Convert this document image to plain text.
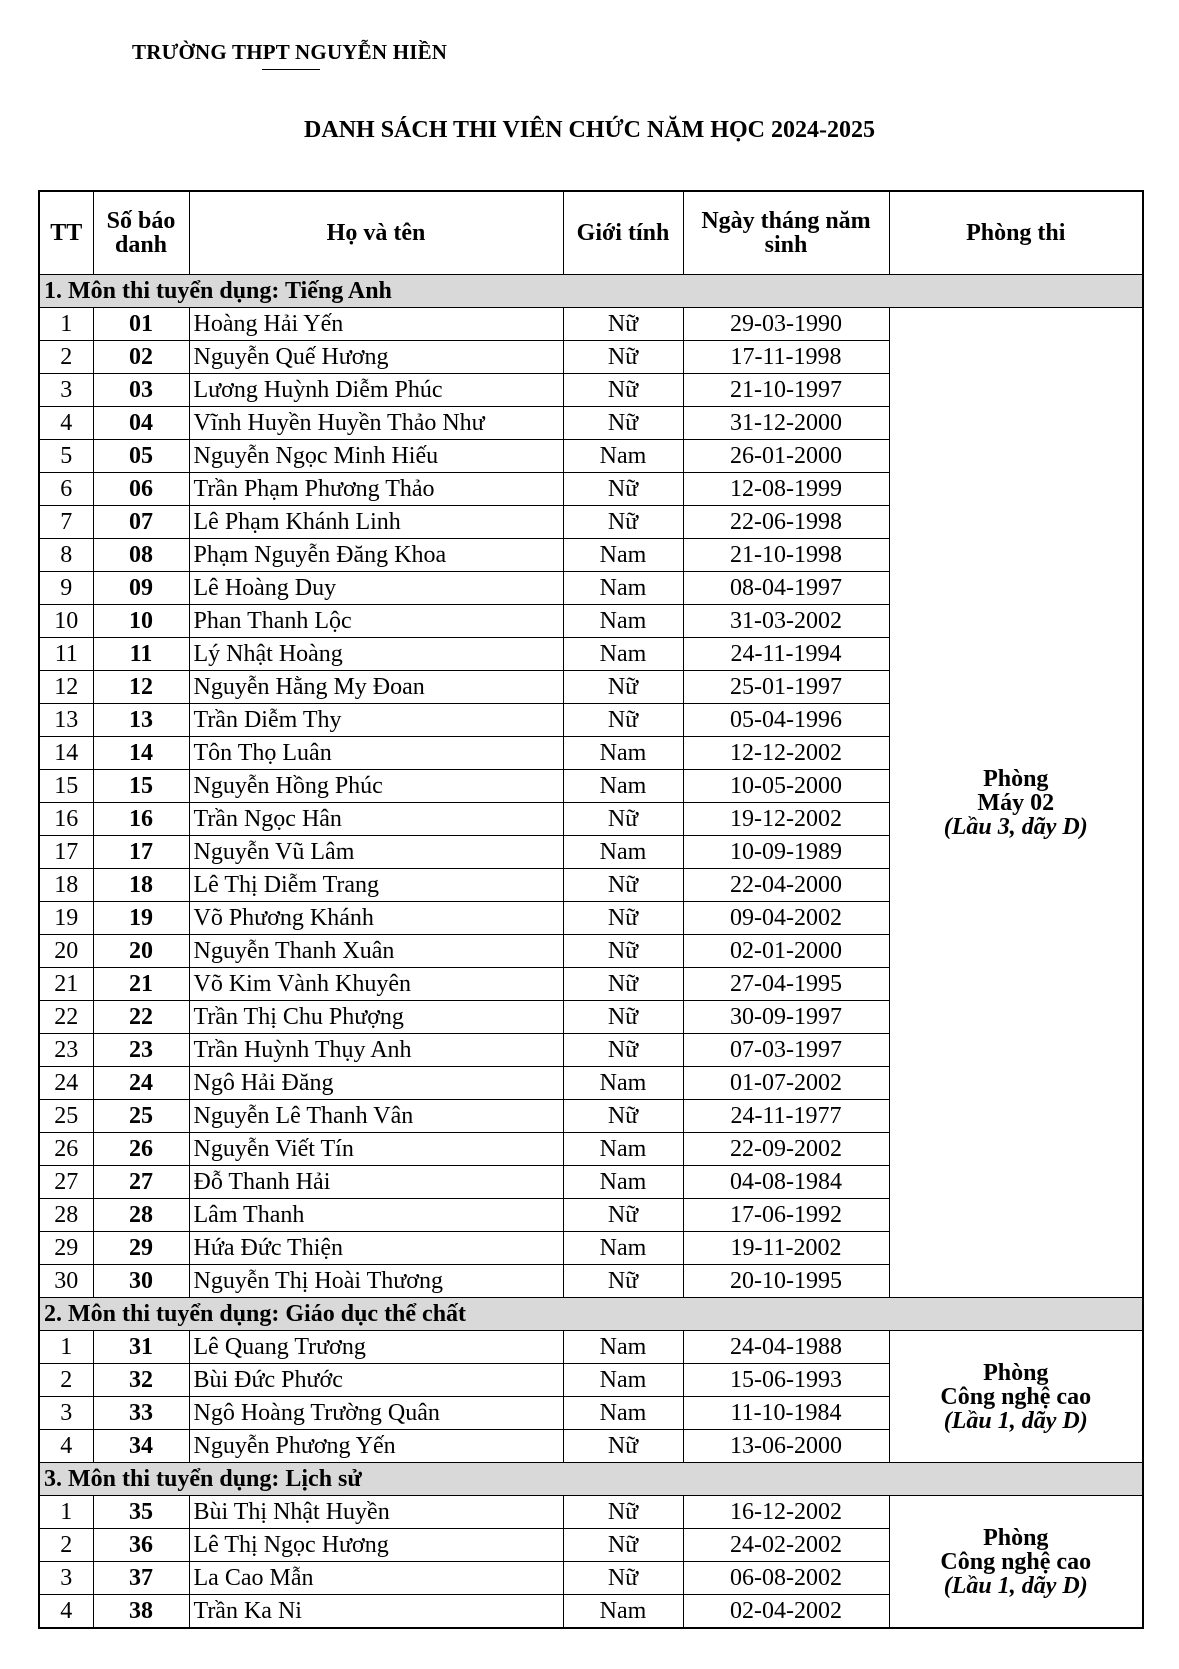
TRƯỜNG THPT NGUYỄN HIỀN
DANH SÁCH THI VIÊN CHỨC NĂM HỌC 2024-2025
TT	Số báo danh	Họ và tên	Giới tính	Ngày tháng năm sinh	Phòng thi
1. Môn thi tuyển dụng: Tiếng Anh					
1	01	Hoàng Hải Yến	Nữ	29-03-1990	Phòng
Máy 02
(Lầu 3, dãy D)

2	02	Nguyễn Quế Hương	Nữ	17-11-1998	
3	03	Lương Huỳnh Diễm Phúc	Nữ	21-10-1997	
4	04	Vĩnh Huyền Huyền Thảo Như	Nữ	31-12-2000	
5	05	Nguyễn Ngọc Minh Hiếu	Nam	26-01-2000	
6	06	Trần Phạm Phương Thảo	Nữ	12-08-1999	
7	07	Lê Phạm Khánh Linh	Nữ	22-06-1998	
8	08	Phạm Nguyễn Đăng Khoa	Nam	21-10-1998	
9	09	Lê Hoàng Duy	Nam	08-04-1997	
10	10	Phan Thanh Lộc	Nam	31-03-2002	
11	11	Lý Nhật Hoàng	Nam	24-11-1994	
12	12	Nguyễn Hằng My Đoan	Nữ	25-01-1997	
13	13	Trần Diễm Thy	Nữ	05-04-1996	
14	14	Tôn Thọ Luân	Nam	12-12-2002	
15	15	Nguyễn Hồng Phúc	Nam	10-05-2000	
16	16	Trần Ngọc Hân	Nữ	19-12-2002	
17	17	Nguyễn Vũ Lâm	Nam	10-09-1989	
18	18	Lê Thị Diễm Trang	Nữ	22-04-2000	
19	19	Võ Phương Khánh	Nữ	09-04-2002	
20	20	Nguyễn Thanh Xuân	Nữ	02-01-2000	
21	21	Võ Kim Vành Khuyên	Nữ	27-04-1995	
22	22	Trần Thị Chu Phượng	Nữ	30-09-1997	
23	23	Trần Huỳnh Thụy Anh	Nữ	07-03-1997	
24	24	Ngô Hải Đăng	Nam	01-07-2002	
25	25	Nguyễn Lê Thanh Vân	Nữ	24-11-1977	
26	26	Nguyễn Viết Tín	Nam	22-09-2002	
27	27	Đỗ Thanh Hải	Nam	04-08-1984	
28	28	Lâm Thanh	Nữ	17-06-1992	
29	29	Hứa Đức Thiện	Nam	19-11-2002	
30	30	Nguyễn Thị Hoài Thương	Nữ	20-10-1995	
2. Môn thi tuyển dụng: Giáo dục thể chất					
1	31	Lê Quang Trương	Nam	24-04-1988	Phòng
Công nghệ cao
(Lầu 1, dãy D)

2	32	Bùi Đức Phước	Nam	15-06-1993	
3	33	Ngô Hoàng Trường Quân	Nam	11-10-1984	
4	34	Nguyễn Phương Yến	Nữ	13-06-2000	
3. Môn thi tuyển dụng: Lịch sử					
1	35	Bùi Thị Nhật Huyền	Nữ	16-12-2002	Phòng
Công nghệ cao
(Lầu 1, dãy D)

2	36	Lê Thị Ngọc Hương	Nữ	24-02-2002	
3	37	La Cao Mẫn	Nữ	06-08-2002	
4	38	Trần Ka Ni	Nam	02-04-2002	
